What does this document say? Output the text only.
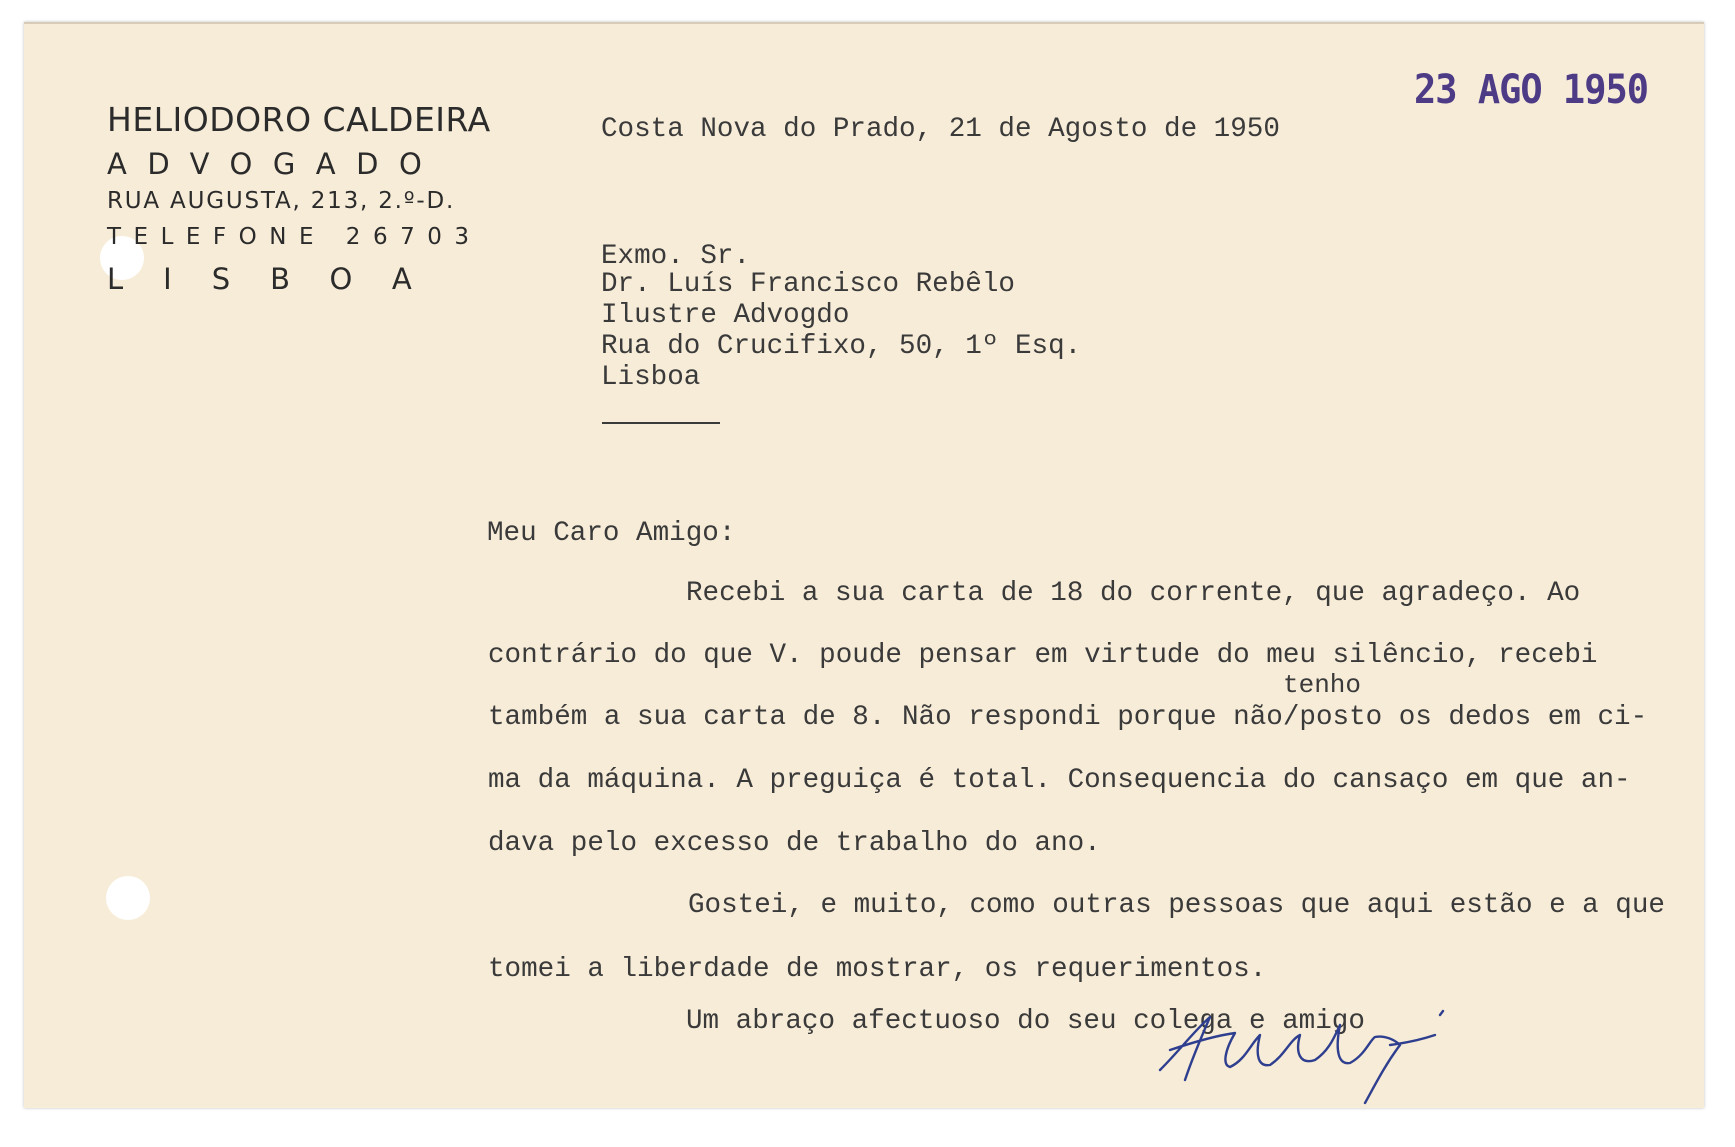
HELIODORO CALDEIRA
ADVOGADO
RUA AUGUSTA, 213, 2.º-D.
TELEFONE 26703
LISBOA
23 AGO 1950
Costa Nova do Prado, 21 de Agosto de 1950
Exmo. Sr.
Dr. Luís Francisco Rebêlo
Ilustre Advogdo
Rua do Crucifixo, 50, 1º Esq.
Lisboa
Meu Caro Amigo:
Recebi a sua carta de 18 do corrente, que agradeço. Ao
contrário do que V. poude pensar em virtude do meu silêncio, recebi
tenho
também a sua carta de 8. Não respondi porque não/posto os dedos em ci-
ma da máquina. A preguiça é total. Consequencia do cansaço em que an-
dava pelo excesso de trabalho do ano.
Gostei, e muito, como outras pessoas que aqui estão e a que
tomei a liberdade de mostrar, os requerimentos.
Um abraço afectuoso do seu colega e amigo
